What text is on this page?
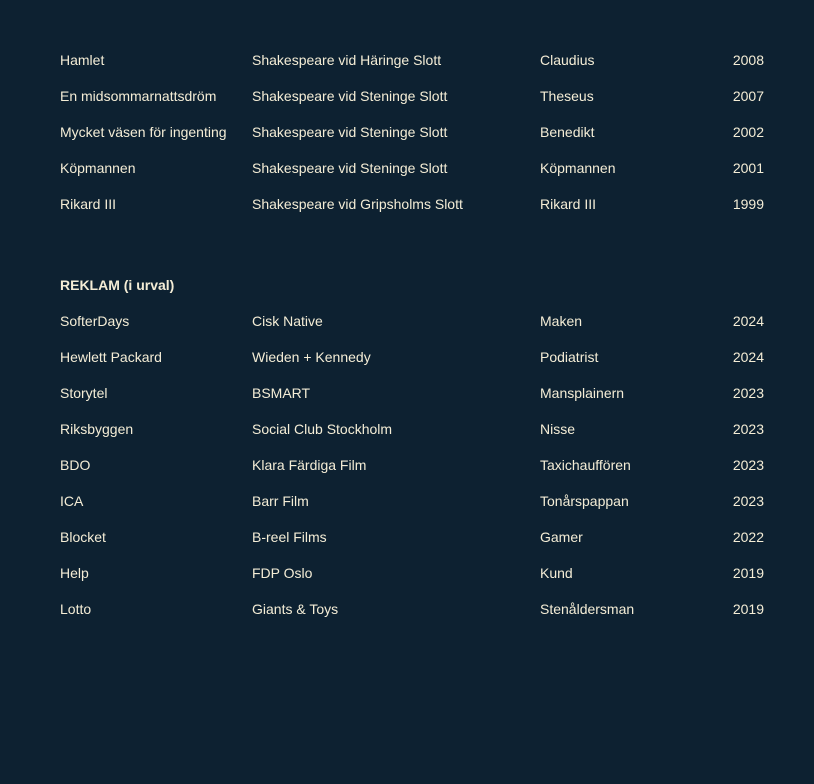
Hamlet	Shakespeare vid Häringe Slott	Claudius	2008
En midsommarnattsdröm	Shakespeare vid Steninge Slott	Theseus	2007
Mycket väsen för ingenting	Shakespeare vid Steninge Slott	Benedikt	2002
Köpmannen	Shakespeare vid Steninge Slott	Köpmannen	2001
Rikard III	Shakespeare vid Gripsholms Slott	Rikard III	1999
REKLAM (i urval)
SofterDays	Cisk Native	Maken	2024
Hewlett Packard	Wieden + Kennedy	Podiatrist	2024
Storytel	BSMART	Mansplainern	2023
Riksbyggen	Social Club Stockholm	Nisse	2023
BDO	Klara Färdiga Film	Taxichauffören	2023
ICA	Barr Film	Tonårspappan	2023
Blocket	B-reel Films	Gamer	2022
Help	FDP Oslo	Kund	2019
Lotto	Giants & Toys	Stenåldersman	2019
